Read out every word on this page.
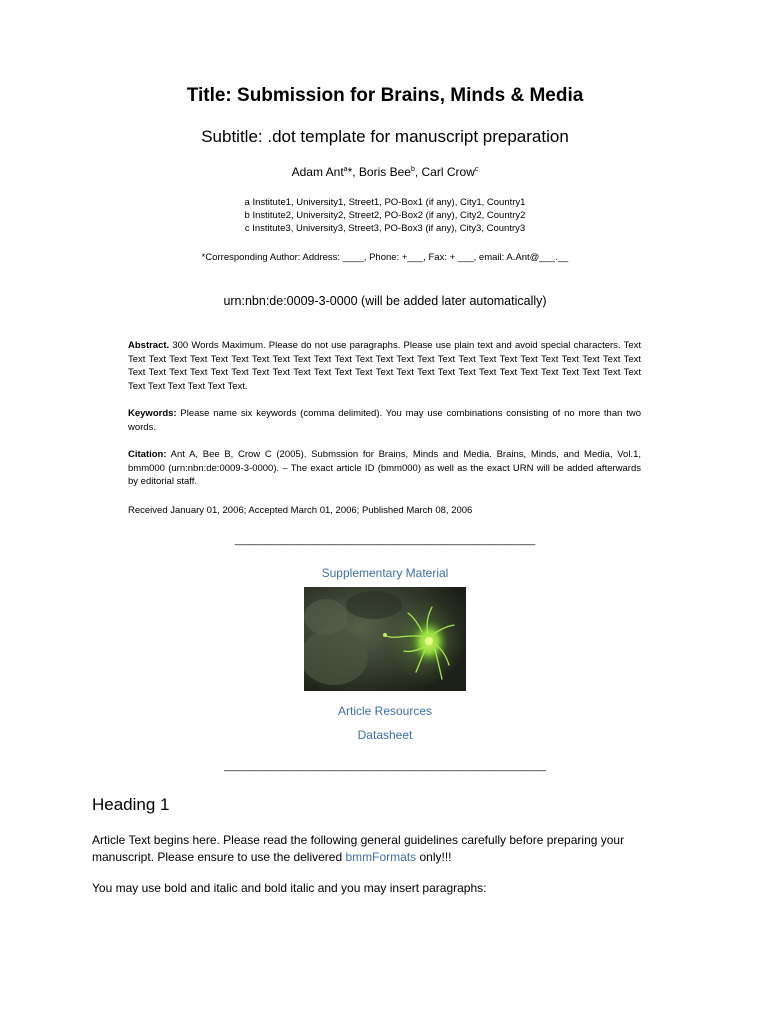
Title: Submission for Brains, Minds & Media
Subtitle: .dot template for manuscript preparation
Adam Ant$^a$*, Boris Bee$^b$, Carl Crow$^c$
a Institute1, University1, Street1, PO-Box1 (if any), City1, Country1
b Institute2, University2, Street2, PO-Box2 (if any), City2, Country2
c Institute3, University3, Street3, PO-Box3 (if any), City3, Country3
*Corresponding Author: Address: ____, Phone: +___, Fax: + ___, email: A.Ant@___.__
urn:nbn:de:0009-3-0000 (will be added later automatically)
Abstract. 300 Words Maximum. Please do not use paragraphs. Please use plain text and avoid special characters. Text Text Text Text Text Text Text Text Text Text Text Text Text Text Text Text Text Text Text Text Text Text Text Text Text Text Text Text Text Text Text Text Text Text Text Text Text Text Text Text Text Text Text Text Text Text Text Text Text Text Text Text Text Text Text Text Text.
Keywords: Please name six keywords (comma delimited). You may use combinations consisting of no more than two words.
Citation: Ant A, Bee B, Crow C (2005). Submssion for Brains, Minds and Media. Brains, Minds, and Media, Vol.1, bmm000 (urn:nbn:de:0009-3-0000). – The exact article ID (bmm000) as well as the exact URN will be added afterwards by editorial staff.
Received January 01, 2006; Accepted March 01, 2006; Published March 08, 2006
________________________________________________________
Supplementary Material
Article Resources
Datasheet
____________________________________________________________
Heading 1
Article Text begins here. Please read the following general guidelines carefully before preparing your manuscript. Please ensure to use the delivered bmmFormats only!!!
You may use bold and italic and bold italic and you may insert paragraphs:
